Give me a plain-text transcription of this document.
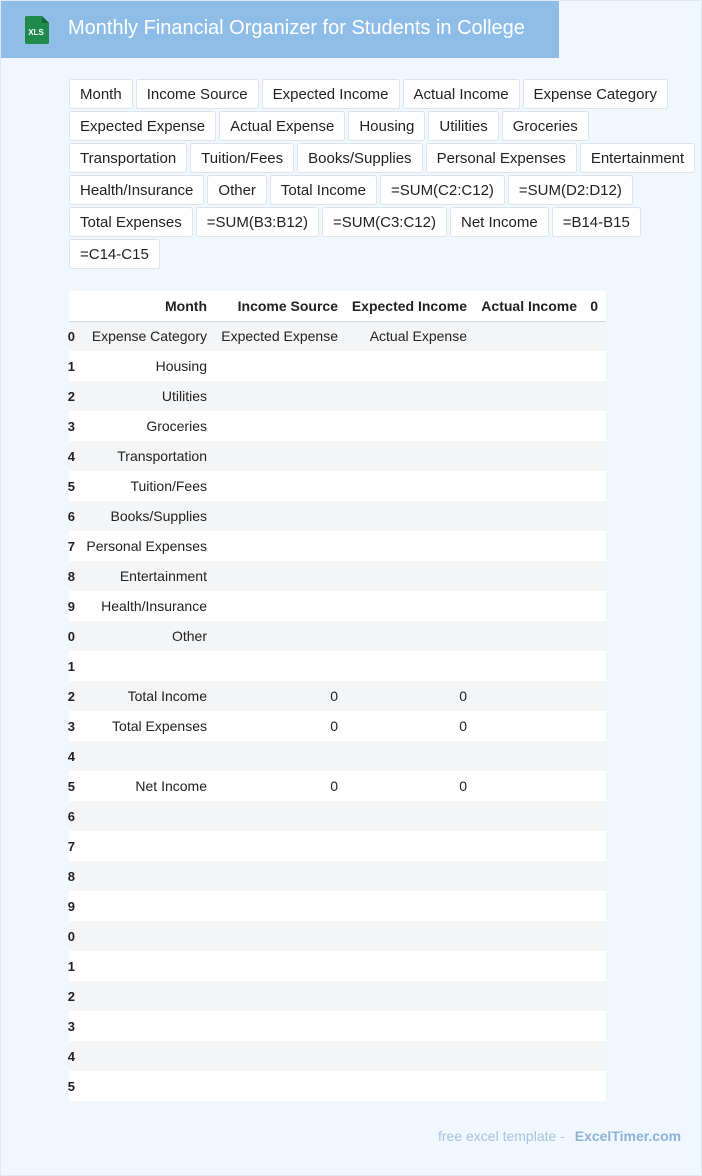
XLS Monthly Financial Organizer for Students in College
Month	Income Source	Expected Income	Actual Income	Expense Category
Expected Expense	Actual Expense	Housing	Utilities	Groceries
Transportation	Tuition/Fees	Books/Supplies	Personal Expenses	Entertainment
Health/Insurance	Other	Total Income	=SUM(C2:C12)	=SUM(D2:D12)
Total Expenses	=SUM(B3:B12)	=SUM(C3:C12)	Net Income	=B14-B15
=C14-C15
	Month	Income Source	Expected Income	Actual Income	0
0	Expense Category	Expected Expense	Actual Expense		
1	Housing				
2	Utilities				
3	Groceries				
4	Transportation				
5	Tuition/Fees				
6	Books/Supplies				
7	Personal Expenses				
8	Entertainment				
9	Health/Insurance				
0	Other				
1					
2	Total Income	0	0		
3	Total Expenses	0	0		
4					
5	Net Income	0	0		
6					
7					
8					
9					
0					
1					
2					
3					
4					
5					
free excel template - ExcelTimer.com
